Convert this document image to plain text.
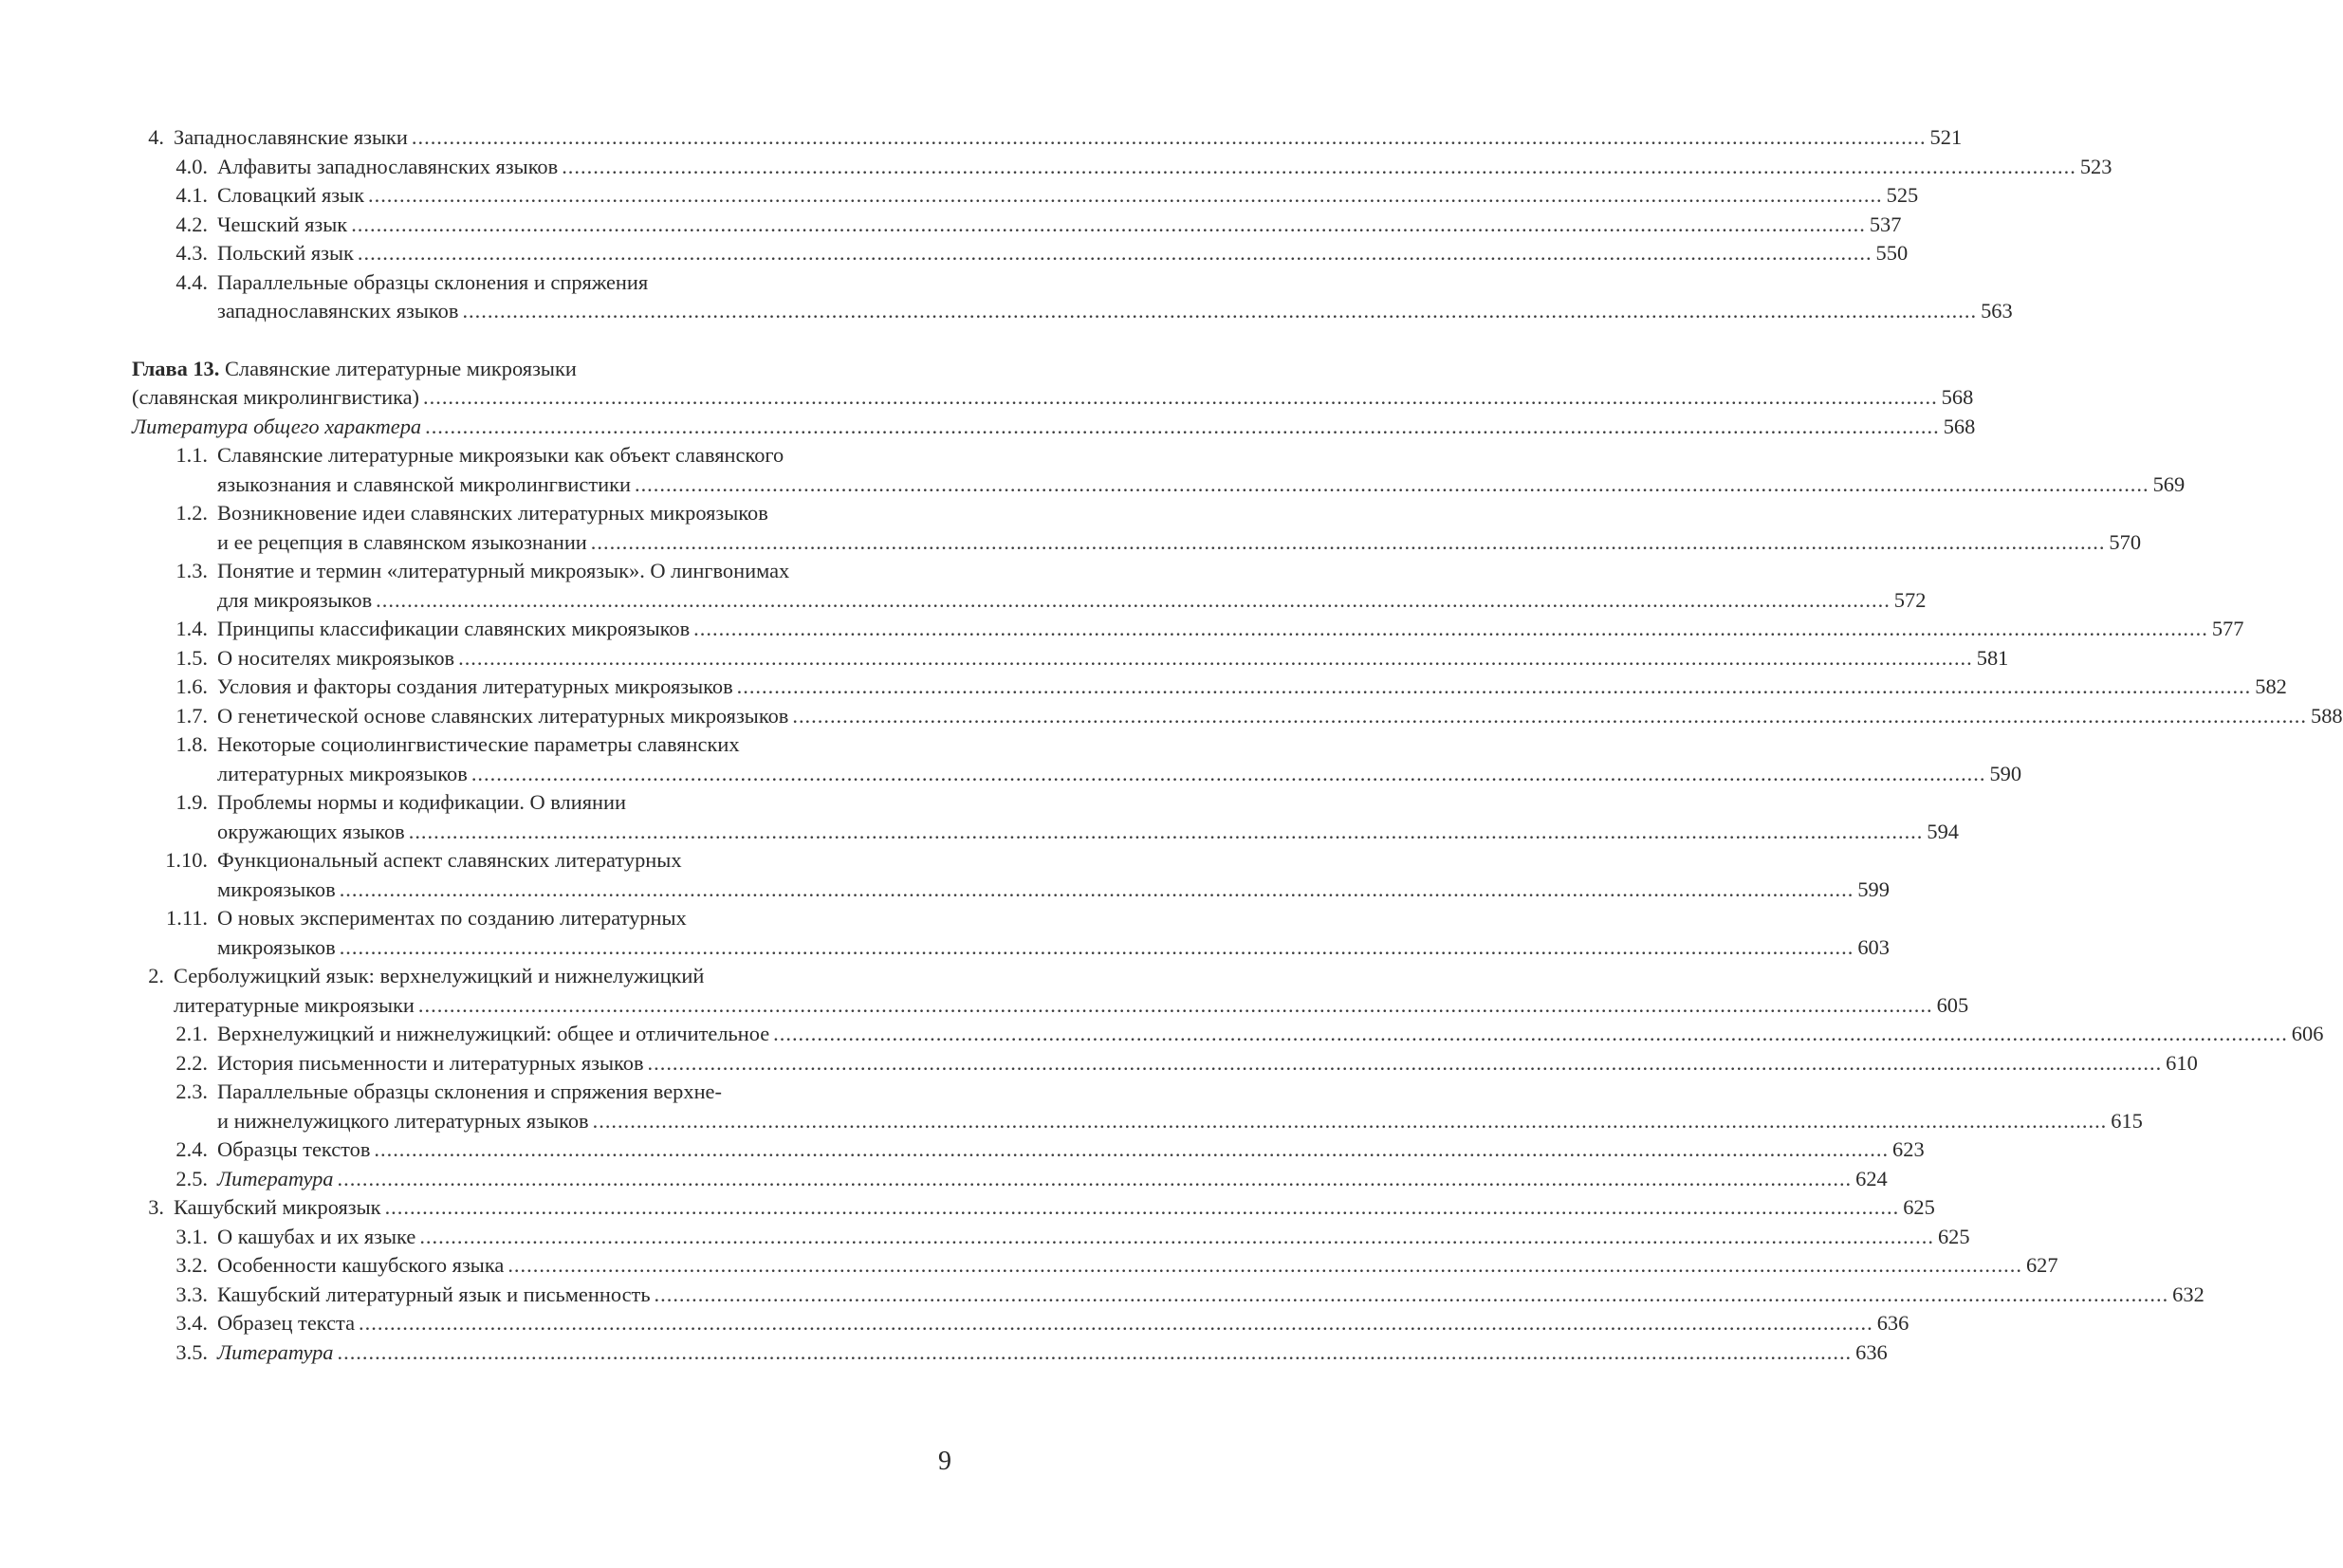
4. Западнославянские языки .....	521
4.0. Алфавиты западнославянских языков .....	523
4.1. Словацкий язык .....	525
4.2. Чешский язык .....	537
4.3. Польский язык .....	550
4.4. Параллельные образцы склонения и спряжения
западнославянских языков .....	563
Глава 13. Славянские литературные микроязыки
(славянская микролингвистика) .....	568
Литература общего характера .....	568
1.1. Славянские литературные микроязыки как объект славянского
языкознания и славянской микролингвистики .....	569
1.2. Возникновение идеи славянских литературных микроязыков
и ее рецепция в славянском языкознании .....	570
1.3. Понятие и термин «литературный микроязык». О лингвонимах
для микроязыков .....	572
1.4. Принципы классификации славянских микроязыков .....	577
1.5. О носителях микроязыков .....	581
1.6. Условия и факторы создания литературных микроязыков .....	582
1.7. О генетической основе славянских литературных микроязыков .....	588
1.8. Некоторые социолингвистические параметры славянских
литературных микроязыков .....	590
1.9. Проблемы нормы и кодификации. О влиянии
окружающих языков .....	594
1.10. Функциональный аспект славянских литературных
микроязыков .....	599
1.11. О новых экспериментах по созданию литературных
микроязыков .....	603
2. Серболужицкий язык: верхнелужицкий и нижнелужицкий
литературные микроязыки .....	605
2.1. Верхнелужицкий и нижнелужицкий: общее и отличительное .....	606
2.2. История письменности и литературных языков .....	610
2.3. Параллельные образцы склонения и спряжения верхне-
и нижнелужицкого литературных языков .....	615
2.4. Образцы текстов .....	623
2.5. Литература .....	624
3. Кашубский микроязык .....	625
3.1. О кашубах и их языке .....	625
3.2. Особенности кашубского языка .....	627
3.3. Кашубский литературный язык и письменность .....	632
3.4. Образец текста .....	636
3.5. Литература .....	636
9
